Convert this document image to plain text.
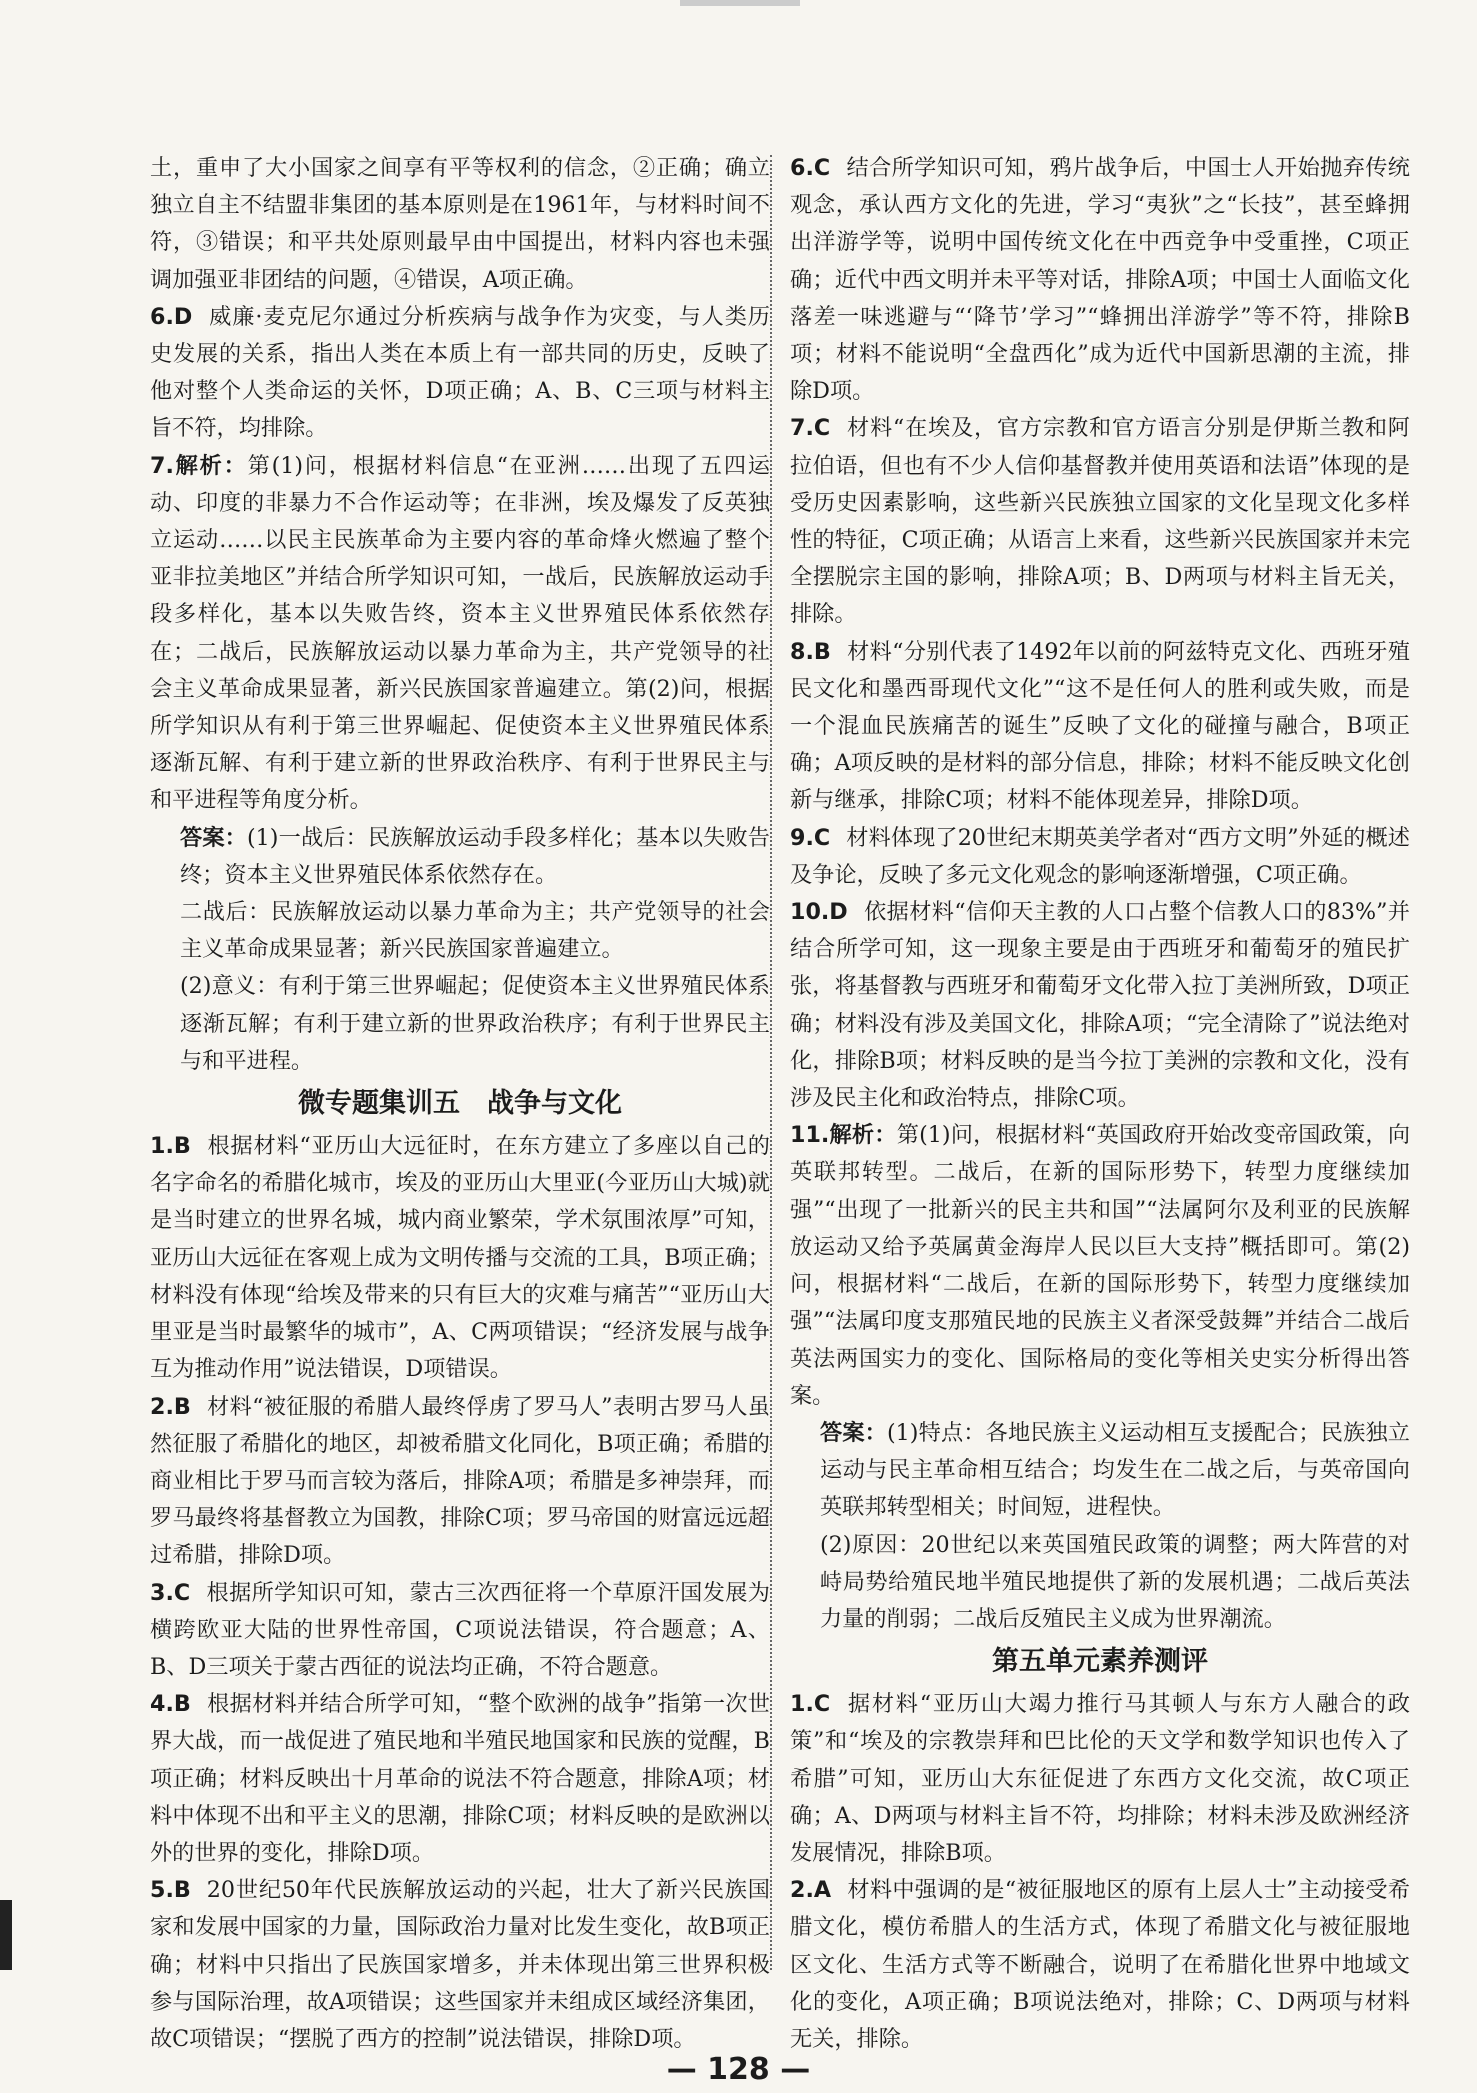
土，重申了大小国家之间享有平等权利的信念，②正确；确立独立自主不结盟非集团的基本原则是在1961年，与材料时间不符，③错误；和平共处原则最早由中国提出，材料内容也未强调加强亚非团结的问题，④错误，A项正确。

6.D 威廉·麦克尼尔通过分析疾病与战争作为灾变，与人类历史发展的关系，指出人类在本质上有一部共同的历史，反映了他对整个人类命运的关怀，D项正确；A、B、C三项与材料主旨不符，均排除。

7.解析：第(1)问，根据材料信息“在亚洲……出现了五四运动、印度的非暴力不合作运动等；在非洲，埃及爆发了反英独立运动……以民主民族革命为主要内容的革命烽火燃遍了整个亚非拉美地区”并结合所学知识可知，一战后，民族解放运动手段多样化，基本以失败告终，资本主义世界殖民体系依然存在；二战后，民族解放运动以暴力革命为主，共产党领导的社会主义革命成果显著，新兴民族国家普遍建立。第(2)问，根据所学知识从有利于第三世界崛起、促使资本主义世界殖民体系逐渐瓦解、有利于建立新的世界政治秩序、有利于世界民主与和平进程等角度分析。

答案：(1)一战后：民族解放运动手段多样化；基本以失败告终；资本主义世界殖民体系依然存在。

二战后：民族解放运动以暴力革命为主；共产党领导的社会主义革命成果显著；新兴民族国家普遍建立。

(2)意义：有利于第三世界崛起；促使资本主义世界殖民体系逐渐瓦解；有利于建立新的世界政治秩序；有利于世界民主与和平进程。

微专题集训五　战争与文化

1.B 根据材料“亚历山大远征时，在东方建立了多座以自己的名字命名的希腊化城市，埃及的亚历山大里亚(今亚历山大城)就是当时建立的世界名城，城内商业繁荣，学术氛围浓厚”可知，亚历山大远征在客观上成为文明传播与交流的工具，B项正确；材料没有体现“给埃及带来的只有巨大的灾难与痛苦”“亚历山大里亚是当时最繁华的城市”，A、C两项错误；“经济发展与战争互为推动作用”说法错误，D项错误。

2.B 材料“被征服的希腊人最终俘虏了罗马人”表明古罗马人虽然征服了希腊化的地区，却被希腊文化同化，B项正确；希腊的商业相比于罗马而言较为落后，排除A项；希腊是多神崇拜，而罗马最终将基督教立为国教，排除C项；罗马帝国的财富远远超过希腊，排除D项。

3.C 根据所学知识可知，蒙古三次西征将一个草原汗国发展为横跨欧亚大陆的世界性帝国，C项说法错误，符合题意；A、B、D三项关于蒙古西征的说法均正确，不符合题意。

4.B 根据材料并结合所学可知，“整个欧洲的战争”指第一次世界大战，而一战促进了殖民地和半殖民地国家和民族的觉醒，B项正确；材料反映出十月革命的说法不符合题意，排除A项；材料中体现不出和平主义的思潮，排除C项；材料反映的是欧洲以外的世界的变化，排除D项。

5.B 20世纪50年代民族解放运动的兴起，壮大了新兴民族国家和发展中国家的力量，国际政治力量对比发生变化，故B项正确；材料中只指出了民族国家增多，并未体现出第三世界积极参与国际治理，故A项错误；这些国家并未组成区域经济集团，故C项错误；“摆脱了西方的控制”说法错误，排除D项。

6.C 结合所学知识可知，鸦片战争后，中国士人开始抛弃传统观念，承认西方文化的先进，学习“夷狄”之“长技”，甚至蜂拥出洋游学等，说明中国传统文化在中西竞争中受重挫，C项正确；近代中西文明并未平等对话，排除A项；中国士人面临文化落差一味逃避与“‘降节’学习”“蜂拥出洋游学”等不符，排除B项；材料不能说明“全盘西化”成为近代中国新思潮的主流，排除D项。

7.C 材料“在埃及，官方宗教和官方语言分别是伊斯兰教和阿拉伯语，但也有不少人信仰基督教并使用英语和法语”体现的是受历史因素影响，这些新兴民族独立国家的文化呈现文化多样性的特征，C项正确；从语言上来看，这些新兴民族国家并未完全摆脱宗主国的影响，排除A项；B、D两项与材料主旨无关，排除。

8.B 材料“分别代表了1492年以前的阿兹特克文化、西班牙殖民文化和墨西哥现代文化”“这不是任何人的胜利或失败，而是一个混血民族痛苦的诞生”反映了文化的碰撞与融合，B项正确；A项反映的是材料的部分信息，排除；材料不能反映文化创新与继承，排除C项；材料不能体现差异，排除D项。

9.C 材料体现了20世纪末期英美学者对“西方文明”外延的概述及争论，反映了多元文化观念的影响逐渐增强，C项正确。

10.D 依据材料“信仰天主教的人口占整个信教人口的83%”并结合所学可知，这一现象主要是由于西班牙和葡萄牙的殖民扩张，将基督教与西班牙和葡萄牙文化带入拉丁美洲所致，D项正确；材料没有涉及美国文化，排除A项；“完全清除了”说法绝对化，排除B项；材料反映的是当今拉丁美洲的宗教和文化，没有涉及民主化和政治特点，排除C项。

11.解析：第(1)问，根据材料“英国政府开始改变帝国政策，向英联邦转型。二战后，在新的国际形势下，转型力度继续加强”“出现了一批新兴的民主共和国”“法属阿尔及利亚的民族解放运动又给予英属黄金海岸人民以巨大支持”概括即可。第(2)问，根据材料“二战后，在新的国际形势下，转型力度继续加强”“法属印度支那殖民地的民族主义者深受鼓舞”并结合二战后英法两国实力的变化、国际格局的变化等相关史实分析得出答案。

答案：(1)特点：各地民族主义运动相互支援配合；民族独立运动与民主革命相互结合；均发生在二战之后，与英帝国向英联邦转型相关；时间短，进程快。

(2)原因：20世纪以来英国殖民政策的调整；两大阵营的对峙局势给殖民地半殖民地提供了新的发展机遇；二战后英法力量的削弱；二战后反殖民主义成为世界潮流。

第五单元素养测评

1.C 据材料“亚历山大竭力推行马其顿人与东方人融合的政策”和“埃及的宗教崇拜和巴比伦的天文学和数学知识也传入了希腊”可知，亚历山大东征促进了东西方文化交流，故C项正确；A、D两项与材料主旨不符，均排除；材料未涉及欧洲经济发展情况，排除B项。

2.A 材料中强调的是“被征服地区的原有上层人士”主动接受希腊文化，模仿希腊人的生活方式，体现了希腊文化与被征服地区文化、生活方式等不断融合，说明了在希腊化世界中地域文化的变化，A项正确；B项说法绝对，排除；C、D两项与材料无关，排除。

— 128 —
